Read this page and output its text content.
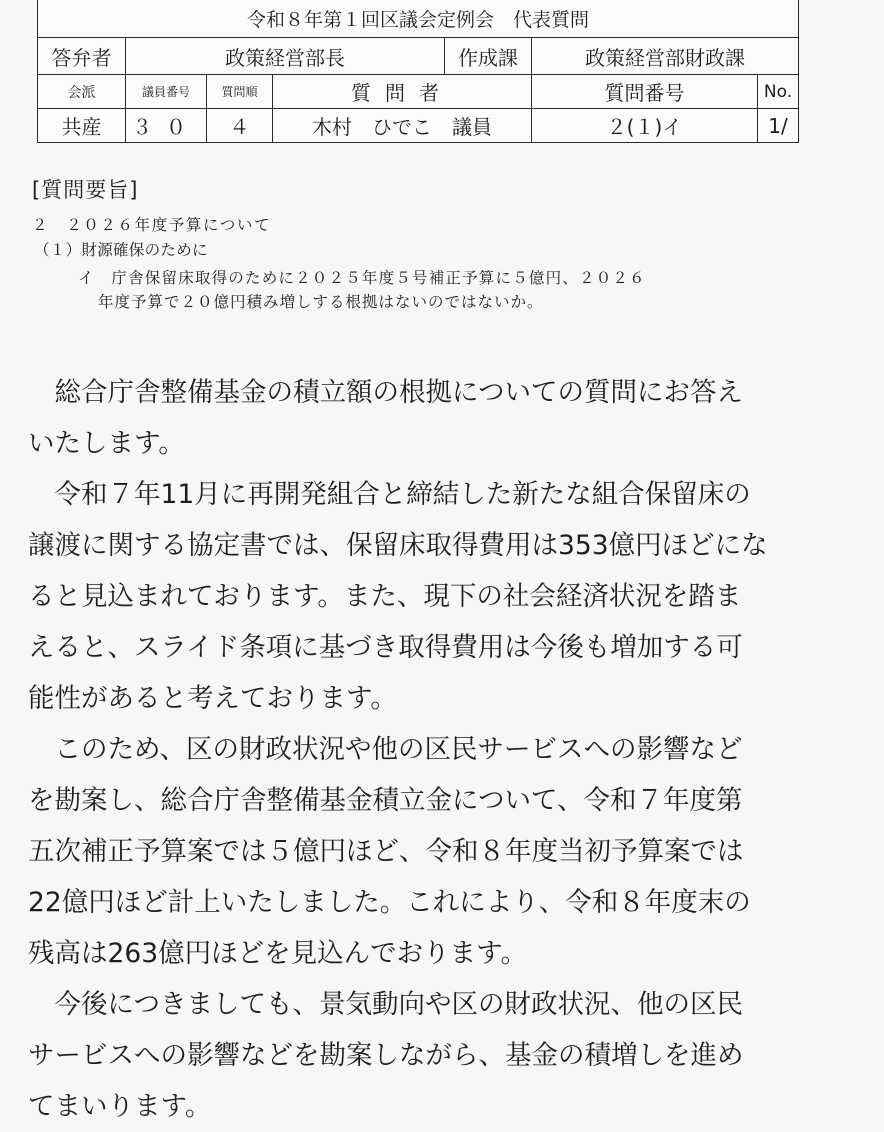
令和８年第１回区議会定例会　代表質問						
答弁者	政策経営部長			作成課	政策経営部財政課	
会派	議員番号	質問順	質問者		質問番号	No.
共産	３０	４	木村　ひでこ　議員		２(１)イ	1/
[質問要旨]
２　２０２６年度予算について
（１）財源確保のために
イ　庁舎保留床取得のために２０２５年度５号補正予算に５億円、２０２６
年度予算で２０億円積み増しする根拠はないのではないか。
　総合庁舎整備基金の積立額の根拠についての質問にお答え
いたします。
　令和７年11月に再開発組合と締結した新たな組合保留床の
譲渡に関する協定書では、保留床取得費用は353億円ほどにな
ると見込まれております。また、現下の社会経済状況を踏ま
えると、スライド条項に基づき取得費用は今後も増加する可
能性があると考えております。
　このため、区の財政状況や他の区民サービスへの影響など
を勘案し、総合庁舎整備基金積立金について、令和７年度第
五次補正予算案では５億円ほど、令和８年度当初予算案では
22億円ほど計上いたしました。これにより、令和８年度末の
残高は263億円ほどを見込んでおります。
　今後につきましても、景気動向や区の財政状況、他の区民
サービスへの影響などを勘案しながら、基金の積増しを進め
てまいります。
